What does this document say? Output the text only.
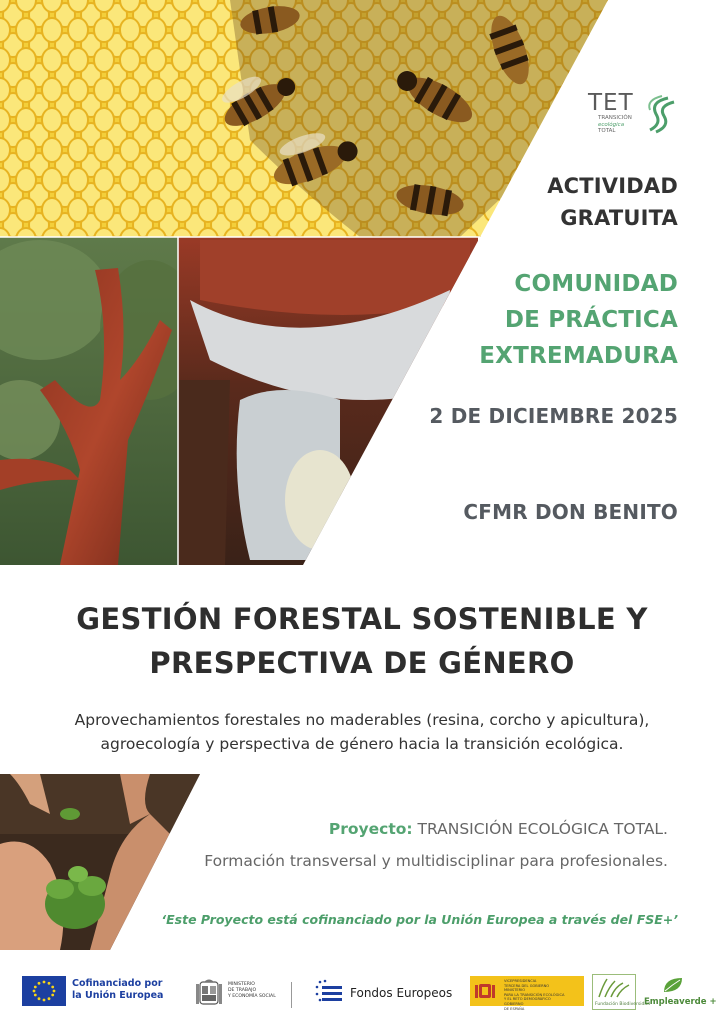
TET
TRANSICIÓN
ecológica
TOTAL
ACTIVIDAD
GRATUITA
COMUNIDAD
DE PRÁCTICA
EXTREMADURA
2 DE DICIEMBRE 2025
CFMR DON BENITO
GESTIÓN FORESTAL SOSTENIBLE Y
PRESPECTIVA DE GÉNERO
Aprovechamientos forestales no maderables (resina, corcho y apicultura),
agroecología y perspectiva de género hacia la transición ecológica.
Proyecto: TRANSICIÓN ECOLÓGICA TOTAL.
Formación transversal y multidisciplinar para profesionales.
‘Este Proyecto está cofinanciado por la Unión Europea a través del FSE+’
Cofinanciado por
la Unión Europea
MINISTERIO
DE TRABAJO
Y ECONOMÍA SOCIAL	Fondos Europeos
VICEPRESIDENCIA
TERCERA DEL GOBIERNO
MINISTERIO
PARA LA TRANSICIÓN ECOLÓGICA
Y EL RETO DEMOGRÁFICO
GOBIERNO
DE ESPAÑA
Fundación Biodiversidad
Empleaverde +
